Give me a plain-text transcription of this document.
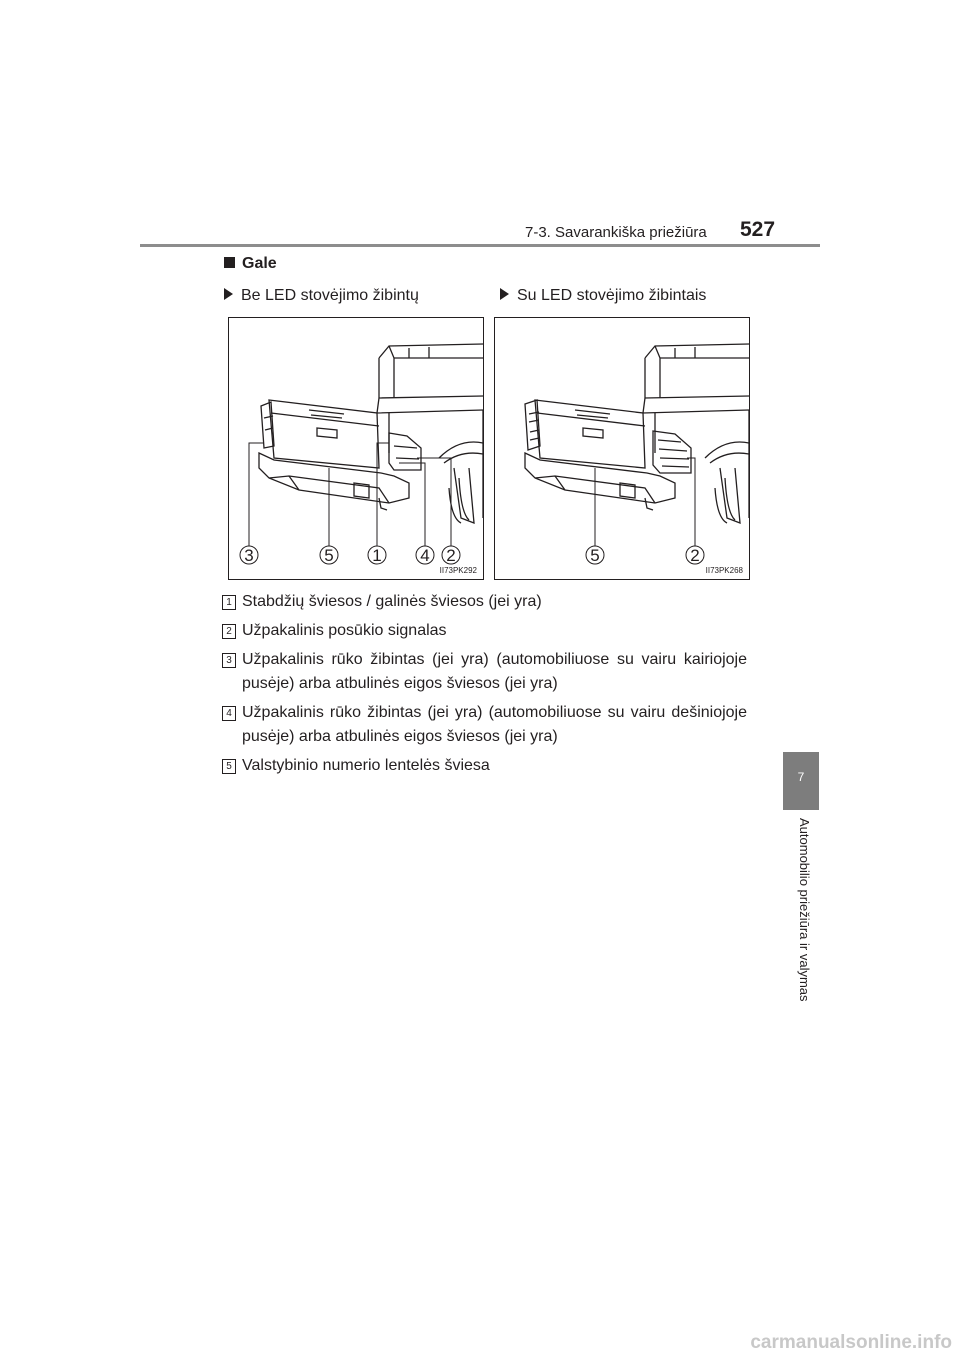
7-3. Savarankiška priežiūra 527
7
Automobilio priežiūra ir valymas
Gale
Be LED stovėjimo žibintų	Su LED stovėjimo žibintais
3	5 1 4 2
II73PK292
5	2
II73PK268
1 Stabdžių šviesos / galinės šviesos (jei yra)
2 Užpakalinis posūkio signalas
3 Užpakalinis rūko žibintas (jei yra) (automobiliuose su vairu kairiojoje pusėje) arba atbulinės eigos šviesos (jei yra)
4 Užpakalinis rūko žibintas (jei yra) (automobiliuose su vairu dešiniojoje pusėje) arba atbulinės eigos šviesos (jei yra)
5 Valstybinio numerio lentelės šviesa
carmanualsonline.info
